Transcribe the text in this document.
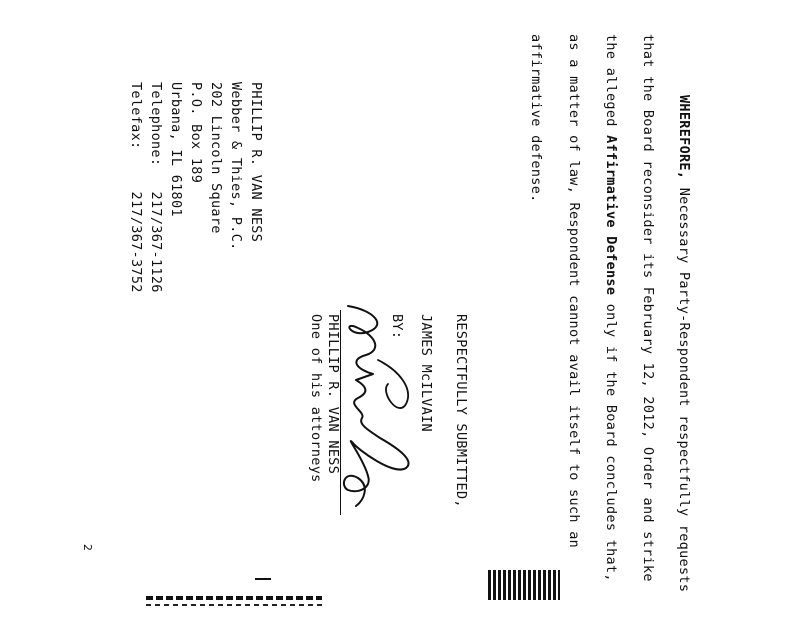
WHEREFORE, Necessary Party-Respondent respectfully requests
that the Board reconsider its February 12, 2012, Order and strike
the alleged Affirmative Defense only if the Board concludes that,
as a matter of law, Respondent cannot avail itself to such an
affirmative defense.
RESPECTFULLY SUBMITTED,
JAMES McILVAIN
BY:
PHILLIP R. VAN NESS
One of his attorneys
PHILLIP R. VAN NESS
Webber & Thies, P.C.
202 Lincoln Square
P.O. Box 189
Urbana, IL 61801
Telephone:   217/367-1126
Telefax:     217/367-3752
2
